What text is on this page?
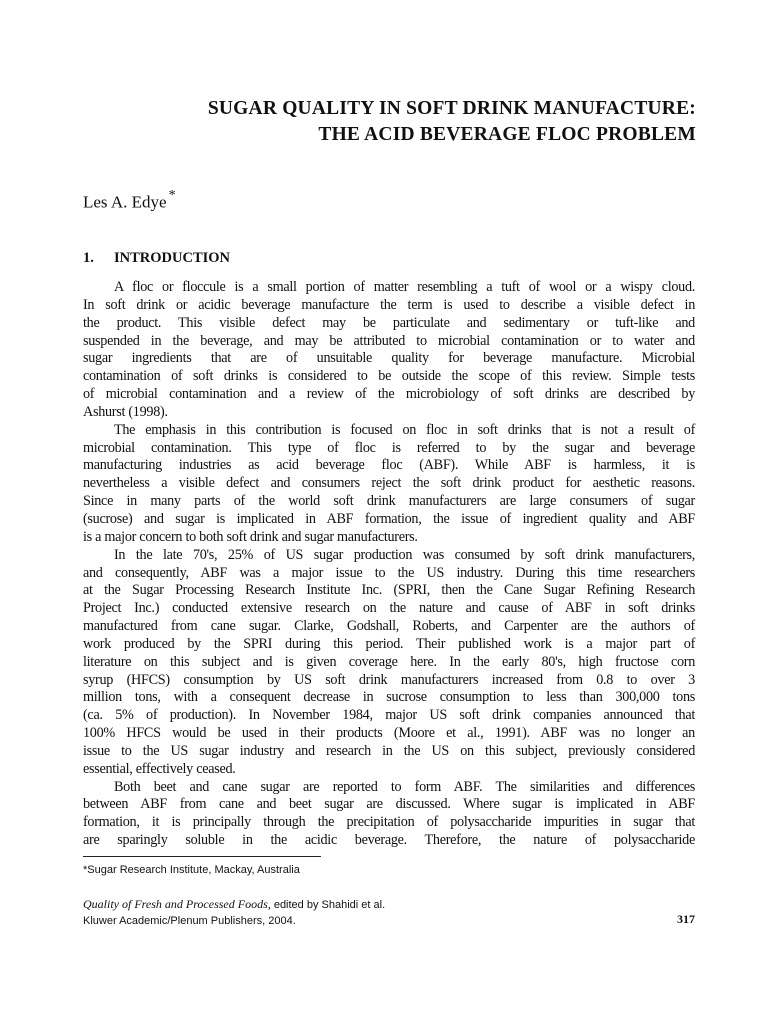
SUGAR QUALITY IN SOFT DRINK MANUFACTURE:
THE ACID BEVERAGE FLOC PROBLEM
Les A. Edye *
1. INTRODUCTION

A floc or floccule is a small portion of matter resembling a tuft of wool or a wispy cloud.
In soft drink or acidic beverage manufacture the term is used to describe a visible defect in
the product. This visible defect may be particulate and sedimentary or tuft-like and
suspended in the beverage, and may be attributed to microbial contamination or to water and
sugar ingredients that are of unsuitable quality for beverage manufacture. Microbial
contamination of soft drinks is considered to be outside the scope of this review. Simple tests
of microbial contamination and a review of the microbiology of soft drinks are described by
Ashurst (1998).

The emphasis in this contribution is focused on floc in soft drinks that is not a result of
microbial contamination. This type of floc is referred to by the sugar and beverage
manufacturing industries as acid beverage floc (ABF). While ABF is harmless, it is
nevertheless a visible defect and consumers reject the soft drink product for aesthetic reasons.
Since in many parts of the world soft drink manufacturers are large consumers of sugar
(sucrose) and sugar is implicated in ABF formation, the issue of ingredient quality and ABF
is a major concern to both soft drink and sugar manufacturers.

In the late 70's, 25% of US sugar production was consumed by soft drink manufacturers,
and consequently, ABF was a major issue to the US industry. During this time researchers
at the Sugar Processing Research Institute Inc. (SPRI, then the Cane Sugar Refining Research
Project Inc.) conducted extensive research on the nature and cause of ABF in soft drinks
manufactured from cane sugar. Clarke, Godshall, Roberts, and Carpenter are the authors of
work produced by the SPRI during this period. Their published work is a major part of
literature on this subject and is given coverage here. In the early 80's, high fructose corn
syrup (HFCS) consumption by US soft drink manufacturers increased from 0.8 to over 3
million tons, with a consequent decrease in sucrose consumption to less than 300,000 tons
(ca. 5% of production). In November 1984, major US soft drink companies announced that
100% HFCS would be used in their products (Moore et al., 1991). ABF was no longer an
issue to the US sugar industry and research in the US on this subject, previously considered
essential, effectively ceased.

Both beet and cane sugar are reported to form ABF. The similarities and differences
between ABF from cane and beet sugar are discussed. Where sugar is implicated in ABF
formation, it is principally through the precipitation of polysaccharide impurities in sugar that
are sparingly soluble in the acidic beverage. Therefore, the nature of polysaccharide

*Sugar Research Institute, Mackay, Australia
Quality of Fresh and Processed Foods, edited by Shahidi et al.
Kluwer Academic/Plenum Publishers, 2004.	317
